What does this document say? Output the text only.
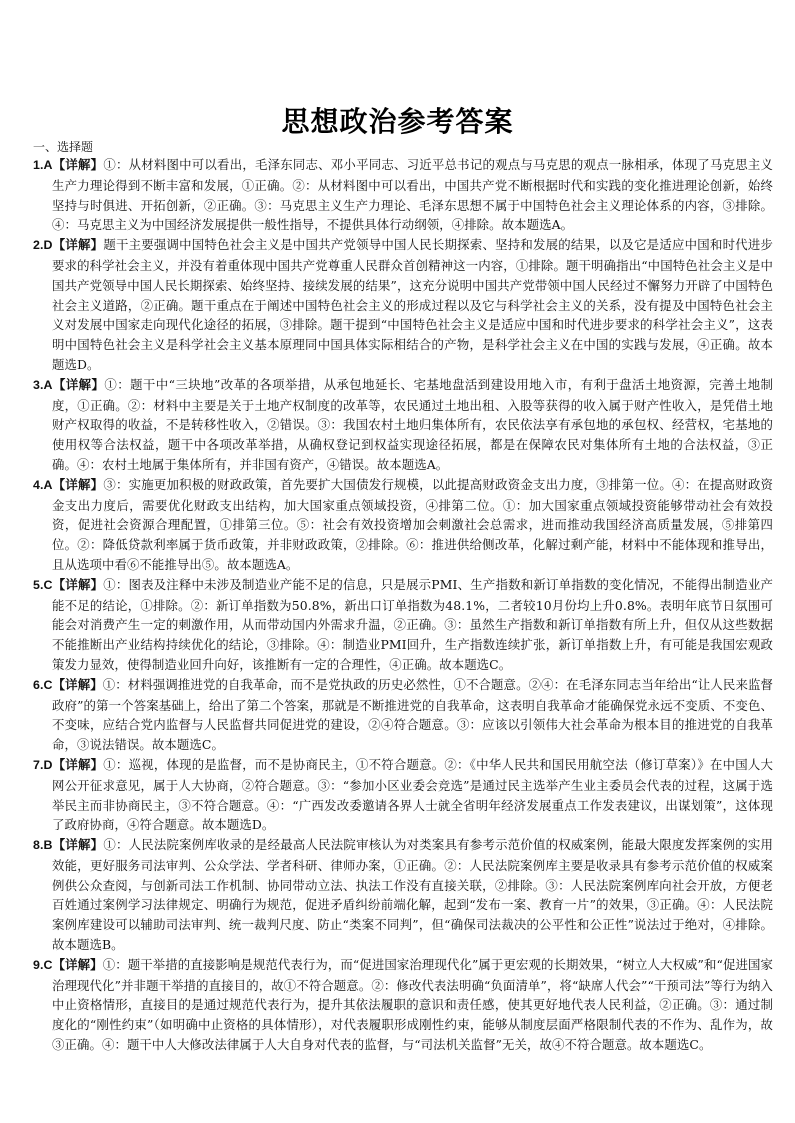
思想政治参考答案
一、选择题

1.A【详解】①：从材料图中可以看出，毛泽东同志、邓小平同志、习近平总书记的观点与马克思的观点一脉相承，体现了马克思主义生产力理论得到不断丰富和发展，①正确。②：从材料图中可以看出，中国共产党不断根据时代和实践的变化推进理论创新，始终坚持与时俱进、开拓创新，②正确。③：马克思主义生产力理论、毛泽东思想不属于中国特色社会主义理论体系的内容，③排除。④：马克思主义为中国经济发展提供一般性指导，不提供具体行动纲领，④排除。故本题选A。

2.D【详解】题干主要强调中国特色社会主义是中国共产党领导中国人民长期探索、坚持和发展的结果，以及它是适应中国和时代进步要求的科学社会主义，并没有着重体现中国共产党尊重人民群众首创精神这一内容，①排除。题干明确指出“中国特色社会主义是中国共产党领导中国人民长期探索、始终坚持、接续发展的结果”，这充分说明中国共产党带领中国人民经过不懈努力开辟了中国特色社会主义道路，②正确。题干重点在于阐述中国特色社会主义的形成过程以及它与科学社会主义的关系，没有提及中国特色社会主义对发展中国家走向现代化途径的拓展，③排除。题干提到“中国特色社会主义是适应中国和时代进步要求的科学社会主义”，这表明中国特色社会主义是科学社会主义基本原理同中国具体实际相结合的产物，是科学社会主义在中国的实践与发展，④正确。故本题选D。

3.A【详解】①：题干中“三块地”改革的各项举措，从承包地延长、宅基地盘活到建设用地入市，有利于盘活土地资源，完善土地制度，①正确。②：材料中主要是关于土地产权制度的改革等，农民通过土地出租、入股等获得的收入属于财产性收入，是凭借土地财产权取得的收益，不是转移性收入，②错误。③：我国农村土地归集体所有，农民依法享有承包地的承包权、经营权，宅基地的使用权等合法权益，题干中各项改革举措，从确权登记到权益实现途径拓展，都是在保障农民对集体所有土地的合法权益，③正确。④：农村土地属于集体所有，并非国有资产，④错误。故本题选A。

4.A【详解】③：实施更加积极的财政政策，首先要扩大国债发行规模，以此提高财政资金支出力度，③排第一位。④：在提高财政资金支出力度后，需要优化财政支出结构，加大国家重点领域投资，④排第二位。①：加大国家重点领域投资能够带动社会有效投资，促进社会资源合理配置，①排第三位。⑤：社会有效投资增加会刺激社会总需求，进而推动我国经济高质量发展，⑤排第四位。②：降低贷款利率属于货币政策，并非财政政策，②排除。⑥：推进供给侧改革，化解过剩产能，材料中不能体现和推导出，且从选项中看⑥不能推导出⑤。故本题选A。

5.C【详解】①：图表及注释中未涉及制造业产能不足的信息，只是展示PMI、生产指数和新订单指数的变化情况，不能得出制造业产能不足的结论，①排除。②：新订单指数为50.8%，新出口订单指数为48.1%，二者较10月份均上升0.8%。表明年底节日氛围可能会对消费产生一定的刺激作用，从而带动国内外需求升温，②正确。③：虽然生产指数和新订单指数有所上升，但仅从这些数据不能推断出产业结构持续优化的结论，③排除。④：制造业PMI回升，生产指数连续扩张，新订单指数上升，有可能是我国宏观政策发力显效，使得制造业回升向好，该推断有一定的合理性，④正确。故本题选C。

6.C【详解】①：材料强调推进党的自我革命，而不是党执政的历史必然性，①不合题意。②④：在毛泽东同志当年给出“让人民来监督政府”的第一个答案基础上，给出了第二个答案，那就是不断推进党的自我革命，这表明自我革命才能确保党永远不变质、不变色、不变味，应结合党内监督与人民监督共同促进党的建设，②④符合题意。③：应该以引领伟大社会革命为根本目的推进党的自我革命，③说法错误。故本题选C。

7.D【详解】①：巡视，体现的是监督，而不是协商民主，①不符合题意。②：《中华人民共和国民用航空法（修订草案）》在中国人大网公开征求意见，属于人大协商，②符合题意。③：“参加小区业委会竞选”是通过民主选举产生业主委员会代表的过程，这属于选举民主而非协商民主，③不符合题意。④：“广西发改委邀请各界人士就全省明年经济发展重点工作发表建议，出谋划策”，这体现了政府协商，④符合题意。故本题选D。

8.B【详解】①：人民法院案例库收录的是经最高人民法院审核认为对类案具有参考示范价值的权威案例，能最大限度发挥案例的实用效能，更好服务司法审判、公众学法、学者科研、律师办案，①正确。②：人民法院案例库主要是收录具有参考示范价值的权威案例供公众查阅，与创新司法工作机制、协同带动立法、执法工作没有直接关联，②排除。③：人民法院案例库向社会开放，方便老百姓通过案例学习法律规定、明确行为规范，促进矛盾纠纷前端化解，起到“发布一案、教育一片”的效果，③正确。④：人民法院案例库建设可以辅助司法审判、统一裁判尺度、防止“类案不同判”，但“确保司法裁决的公平性和公正性”说法过于绝对，④排除。故本题选B。

9.C【详解】①：题干举措的直接影响是规范代表行为，而“促进国家治理现代化”属于更宏观的长期效果，“树立人大权威”和“促进国家治理现代化”并非题干举措的直接目的，故①不符合题意。②：修改代表法明确“负面清单”，将“缺席人代会”“干预司法”等行为纳入中止资格情形，直接目的是通过规范代表行为，提升其依法履职的意识和责任感，使其更好地代表人民利益，②正确。③：通过制度化的“刚性约束”（如明确中止资格的具体情形），对代表履职形成刚性约束，能够从制度层面严格限制代表的不作为、乱作为，故③正确。④：题干中人大修改法律属于人大自身对代表的监督，与“司法机关监督”无关，故④不符合题意。故本题选C。
